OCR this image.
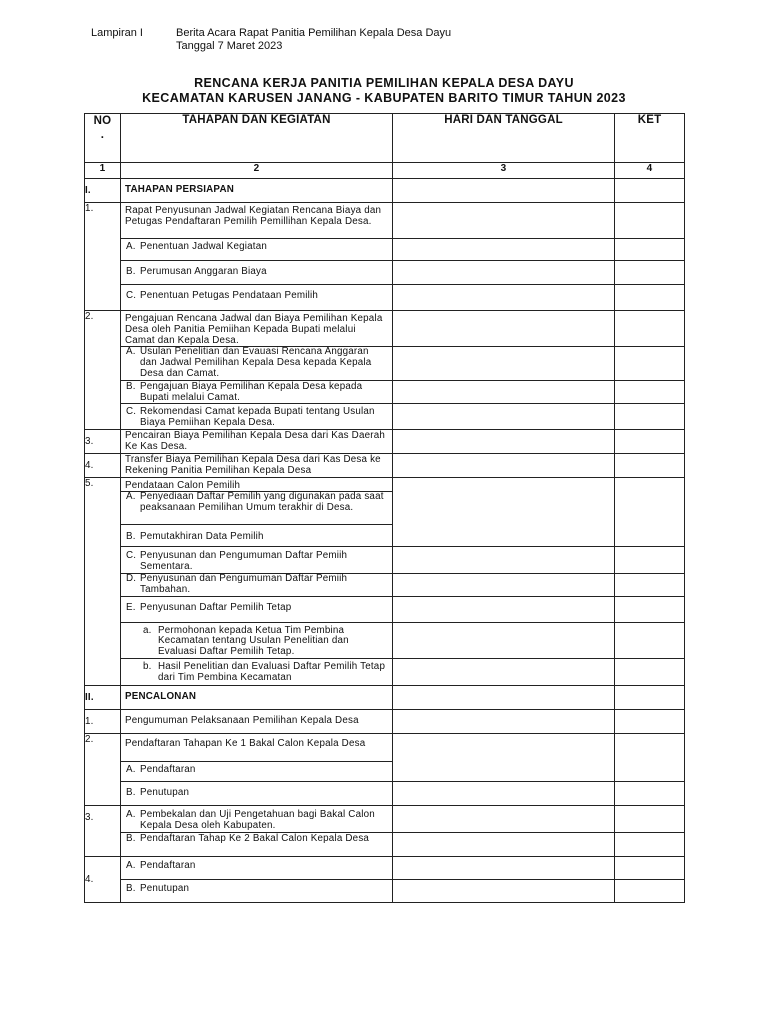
Lampiran I	Berita Acara Rapat Panitia Pemilihan Kepala Desa Dayu
Tanggal 7 Maret 2023
RENCANA KERJA PANITIA PEMILIHAN KEPALA DESA DAYU
KECAMATAN KARUSEN JANANG - KABUPATEN BARITO TIMUR TAHUN 2023
NO
.	TAHAPAN DAN KEGIATAN	HARI DAN TANGGAL	KET
1	2	3	4
I.	TAHAPAN PERSIAPAN		

1.	Rapat Penyusunan Jadwal Kegiatan Rencana Biaya dan Petugas Pendaftaran Pemilih Pemillihan Kepala Desa.		

	A. Penentuan Jadwal Kegiatan		

	B. Perumusan Anggaran Biaya		

	C. Penentuan Petugas Pendataan Pemilih		

2.	Pengajuan Rencana Jadwal dan Biaya Pemilihan Kepala Desa oleh Panitia Pemiihan Kepada Bupati melalui Camat dan Kepala Desa.		

	A. Usulan Penelitian dan Evauasi Rencana Anggaran dan Jadwal Pemilihan Kepala Desa kepada Kepala Desa dan Camat.		

	B. Pengajuan Biaya Pemilihan Kepala Desa kepada Bupati melalui Camat.		

	C. Rekomendasi Camat kepada Bupati tentang Usulan Biaya Pemiihan Kepala Desa.		

3.	Pencairan Biaya Pemilihan Kepala Desa dari Kas Daerah Ke Kas Desa.		

4.	Transfer Biaya Pemilihan Kepala Desa dari Kas Desa ke Rekening Panitia Pemilihan Kepala Desa		

5.	Pendataan Calon Pemilih		

	A. Penyediaan Daftar Pemilih yang digunakan pada saat peaksanaan Pemilihan Umum terakhir di Desa.		

	B. Pemutakhiran Data Pemilih		

	C. Penyusunan dan Pengumuman Daftar Pemiih Sementara.		

	D. Penyusunan dan Pengumuman Daftar Pemiih Tambahan.		

	E. Penyusunan Daftar Pemilih Tetap		

	a. Permohonan kepada Ketua Tim Pembina Kecamatan tentang Usulan Penelitian dan Evaluasi Daftar Pemilih Tetap.		

	b. Hasil Penelitian dan Evaluasi Daftar Pemilih Tetap dari Tim Pembina Kecamatan		

II.	PENCALONAN		

1.	Pengumuman Pelaksanaan Pemilihan Kepala Desa		

2.	Pendaftaran Tahapan Ke 1 Bakal Calon Kepala Desa		

	A. Pendaftaran		

	B. Penutupan		

3.	A. Pembekalan dan Uji Pengetahuan bagi Bakal Calon Kepala Desa oleh Kabupaten.		

	B. Pendaftaran Tahap Ke 2 Bakal Calon Kepala Desa		

4.	A. Pendaftaran		

	B. Penutupan		
